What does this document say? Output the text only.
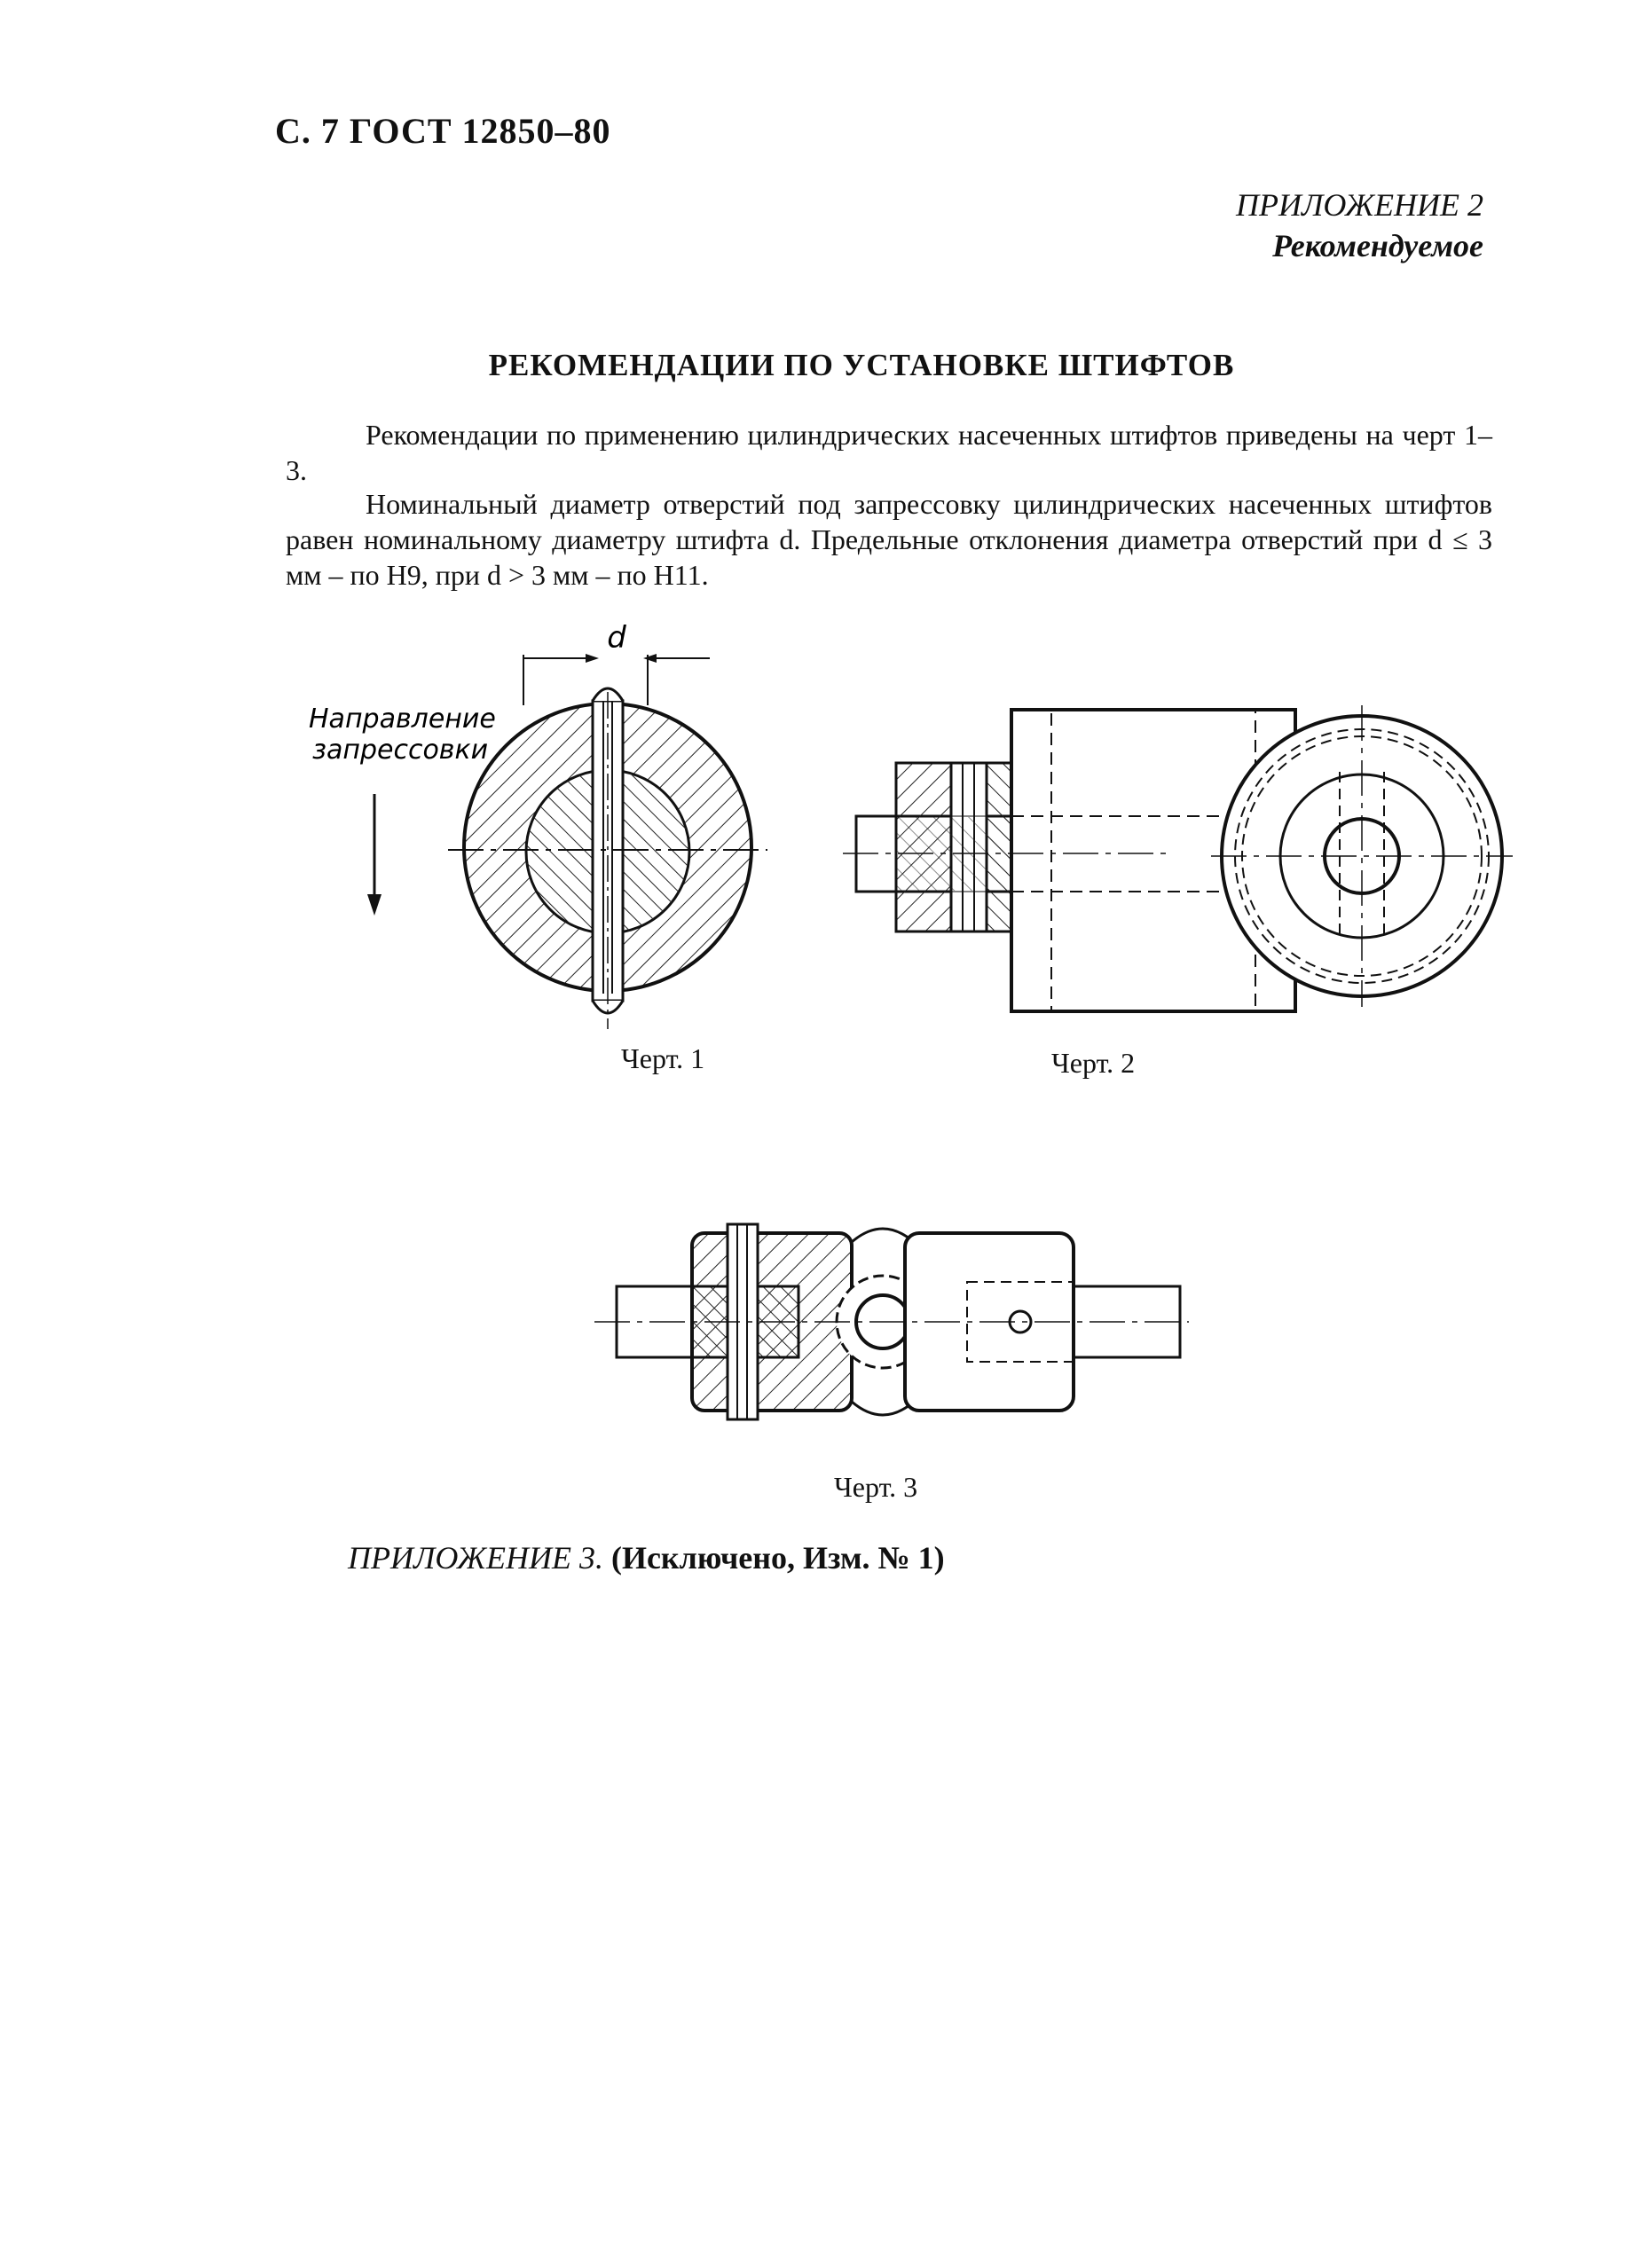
С. 7 ГОСТ 12850–80
ПРИЛОЖЕНИЕ 2
Рекомендуемое
РЕКОМЕНДАЦИИ ПО УСТАНОВКЕ ШТИФТОВ

Рекомендации по применению цилиндрических насеченных штифтов приведены на черт 1–3.

Номинальный диаметр отверстий под запрессовку цилиндрических насеченных штифтов равен номинальному диаметру штифта d. Предельные отклонения диаметра отверстий при d ≤ 3 мм – по H9, при d > 3 мм – по H11.

d
Направление
запрессовки
Черт. 1	Черт. 2
Черт. 3
ПРИЛОЖЕНИЕ 3. (Исключено, Изм. № 1)
